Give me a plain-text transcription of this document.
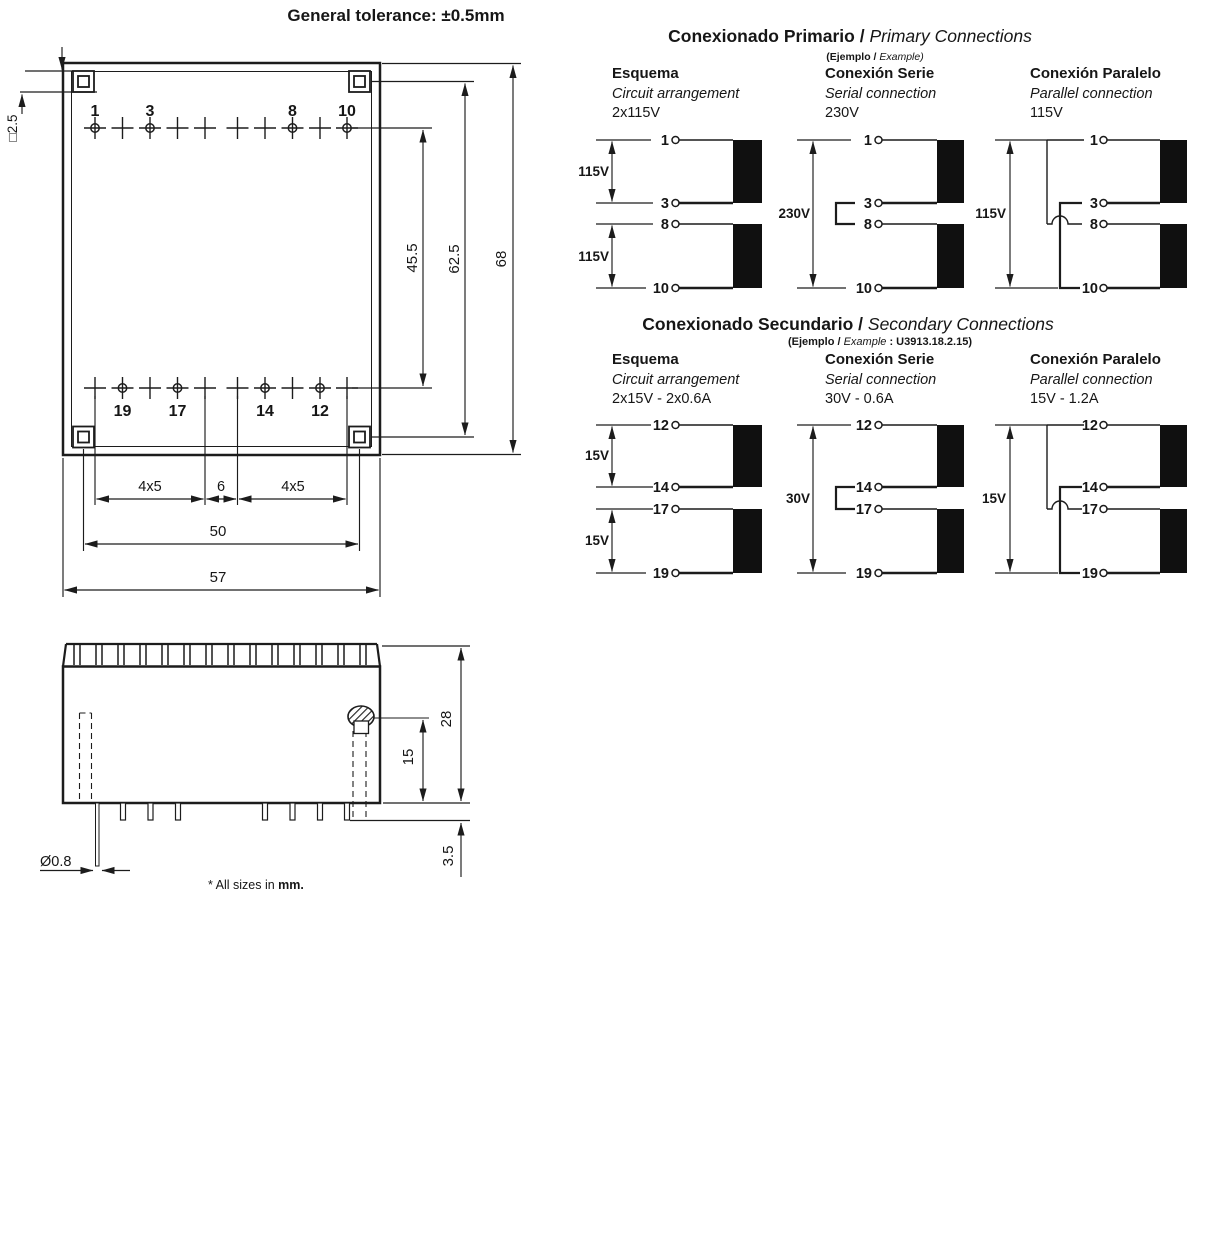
General tolerance: ±0.5mm
1	3	8	10
19 17	14 12
□2.5
45.5 62.5 68
4x5	6	4x5
50
57
28
15
3.5
Ø0.8
* All sizes in mm.
Conexionado Primario / Primary Connections
(Ejemplo / Example)
Esquema
Circuit arrangement
2x115V
Conexión Serie
Serial connection
230V
Conexión Paralelo
Parallel connection
115V
115V
115V
1
3
8
10
230V
1
3
8
10
115V
1
3
8
10
Conexionado Secundario / Secondary Connections
(Ejemplo / Example : U3913.18.2.15)
Esquema
Circuit arrangement
2x15V - 2x0.6A
Conexión Serie
Serial connection
30V - 0.6A
Conexión Paralelo
Parallel connection
15V - 1.2A
15V
15V
12
14
17
19
30V
12
14
17
19
15V
12
14
17
19
